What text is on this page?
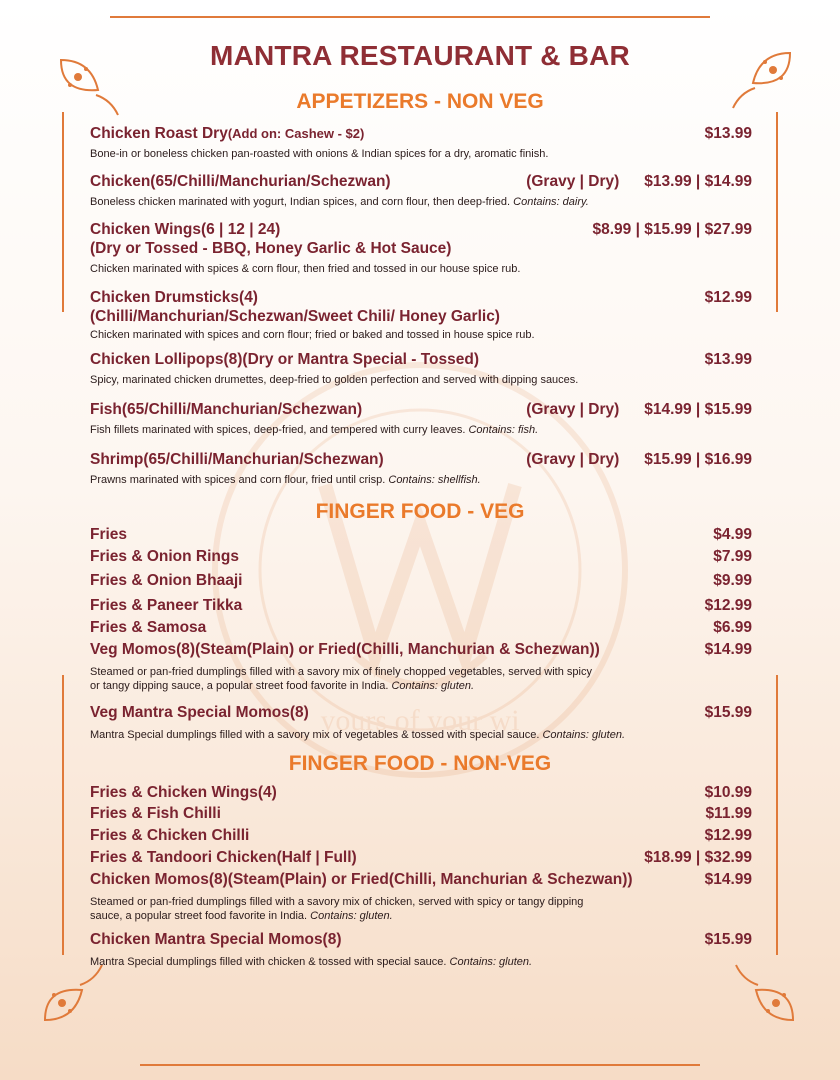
yours of your wi
MANTRA RESTAURANT & BAR
APPETIZERS - NON VEG
Chicken Roast Dry(Add on: Cashew - $2)	$13.99
Bone-in or boneless chicken pan-roasted with onions & Indian spices for a dry, aromatic finish.
Chicken(65/Chilli/Manchurian/Schezwan)	(Gravy | Dry)	$13.99 | $14.99
Boneless chicken marinated with yogurt, Indian spices, and corn flour, then deep-fried. Contains: dairy.
Chicken Wings(6 | 12 | 24)	$8.99 | $15.99 | $27.99
(Dry or Tossed - BBQ, Honey Garlic & Hot Sauce)
Chicken marinated with spices & corn flour, then fried and tossed in our house spice rub.
Chicken Drumsticks(4)	$12.99
(Chilli/Manchurian/Schezwan/Sweet Chili/ Honey Garlic)
Chicken marinated with spices and corn flour; fried or baked and tossed in house spice rub.
Chicken Lollipops(8)(Dry or Mantra Special - Tossed)	$13.99
Spicy, marinated chicken drumettes, deep-fried to golden perfection and served with dipping sauces.
Fish(65/Chilli/Manchurian/Schezwan)	(Gravy | Dry)	$14.99 | $15.99
Fish fillets marinated with spices, deep-fried, and tempered with curry leaves. Contains: fish.
Shrimp(65/Chilli/Manchurian/Schezwan)	(Gravy | Dry)	$15.99 | $16.99
Prawns marinated with spices and corn flour, fried until crisp. Contains: shellfish.
FINGER FOOD - VEG
Fries	$4.99
Fries & Onion Rings	$7.99
Fries & Onion Bhaaji	$9.99
Fries & Paneer Tikka	$12.99
Fries & Samosa	$6.99
Veg Momos(8)(Steam(Plain) or Fried(Chilli, Manchurian & Schezwan))	$14.99
Steamed or pan-fried dumplings filled with a savory mix of finely chopped vegetables, served with spicy
or tangy dipping sauce, a popular street food favorite in India. Contains: gluten.
Veg Mantra Special Momos(8)	$15.99
Mantra Special dumplings filled with a savory mix of vegetables & tossed with special sauce. Contains: gluten.
FINGER FOOD - NON-VEG
Fries & Chicken Wings(4)	$10.99
Fries & Fish Chilli	$11.99
Fries & Chicken Chilli	$12.99
Fries & Tandoori Chicken(Half | Full)	$18.99 | $32.99
Chicken Momos(8)(Steam(Plain) or Fried(Chilli, Manchurian & Schezwan))	$14.99
Steamed or pan-fried dumplings filled with a savory mix of chicken, served with spicy or tangy dipping
sauce, a popular street food favorite in India. Contains: gluten.
Chicken Mantra Special Momos(8)	$15.99
Mantra Special dumplings filled with chicken & tossed with special sauce. Contains: gluten.
